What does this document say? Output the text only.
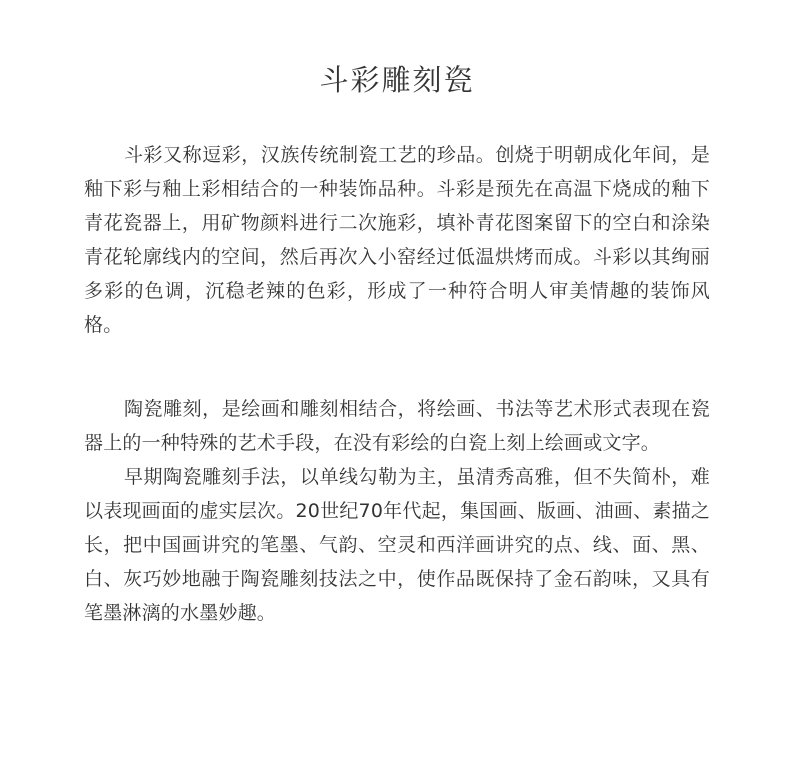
斗彩雕刻瓷

斗彩又称逗彩，汉族传统制瓷工艺的珍品。创烧于明朝成化年间，是釉下彩与釉上彩相结合的一种装饰品种。斗彩是预先在高温下烧成的釉下青花瓷器上，用矿物颜料进行二次施彩，填补青花图案留下的空白和涂染青花轮廓线内的空间，然后再次入小窑经过低温烘烤而成。斗彩以其绚丽多彩的色调，沉稳老辣的色彩，形成了一种符合明人审美情趣的装饰风格。

陶瓷雕刻，是绘画和雕刻相结合，将绘画、书法等艺术形式表现在瓷器上的一种特殊的艺术手段，在没有彩绘的白瓷上刻上绘画或文字。

早期陶瓷雕刻手法，以单线勾勒为主，虽清秀高雅，但不失简朴，难以表现画面的虚实层次。20世纪70年代起，集国画、版画、油画、素描之长，把中国画讲究的笔墨、气韵、空灵和西洋画讲究的点、线、面、黑、白、灰巧妙地融于陶瓷雕刻技法之中，使作品既保持了金石韵味，又具有笔墨淋漓的水墨妙趣。
